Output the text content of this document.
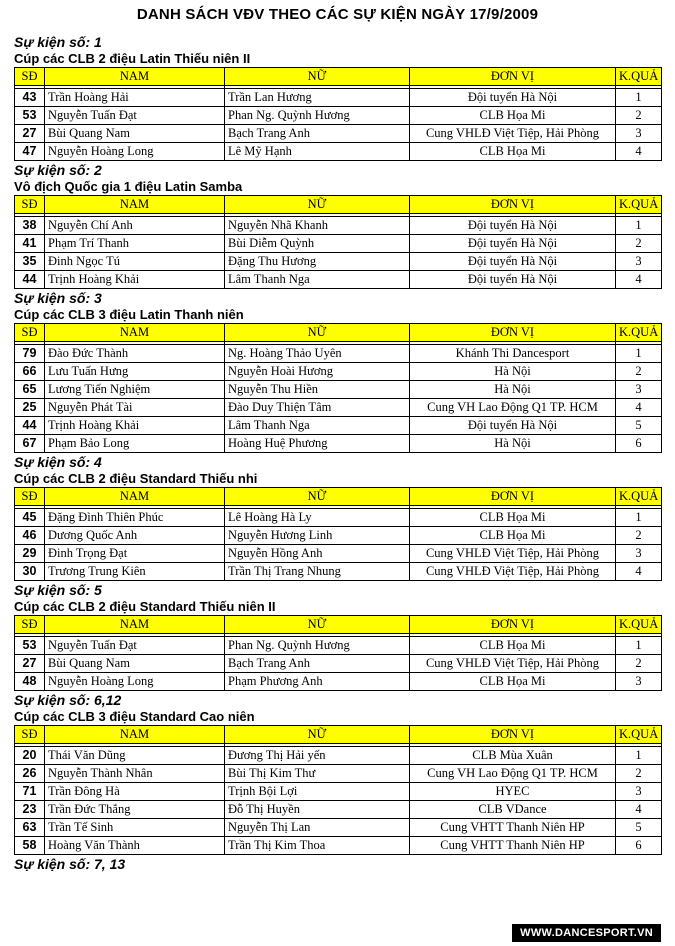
DANH SÁCH VĐV THEO CÁC SỰ KIỆN NGÀY 17/9/2009
Sự kiện số: 1
Cúp các CLB 2 điệu Latin Thiếu niên II
SĐ	NAM	NỮ	ĐƠN VỊ	K.QUẢ

43	Trần Hoàng Hải	Trần Lan Hương	Đội tuyển Hà Nội	1
53	Nguyễn Tuấn Đạt	Phan Ng. Quỳnh Hương	CLB Họa Mi	2
27	Bùi Quang Nam	Bạch Trang Anh	Cung VHLĐ Việt Tiệp, Hải Phòng	3
47	Nguyễn Hoàng Long	Lê Mỹ Hạnh	CLB Họa Mi	4
Sự kiện số: 2
Vô địch Quốc gia 1 điệu Latin Samba
SĐ	NAM	NỮ	ĐƠN VỊ	K.QUẢ

38	Nguyễn Chí Anh	Nguyễn Nhã Khanh	Đội tuyển Hà Nội	1
41	Phạm Trí Thanh	Bùi Diễm Quỳnh	Đội tuyển Hà Nội	2
35	Đinh Ngọc Tú	Đặng Thu Hương	Đội tuyển Hà Nội	3
44	Trịnh Hoàng Khải	Lâm Thanh Nga	Đội tuyển Hà Nội	4
Sự kiện số: 3
Cúp các CLB 3 điệu Latin Thanh niên
SĐ	NAM	NỮ	ĐƠN VỊ	K.QUẢ

79	Đào Đức Thành	Ng. Hoàng Thảo Uyên	Khánh Thi Dancesport	1
66	Lưu Tuấn Hưng	Nguyễn Hoài Hương	Hà Nội	2
65	Lương Tiến Nghiệm	Nguyễn Thu Hiền	Hà Nội	3
25	Nguyễn Phát Tài	Đào Duy Thiện Tâm	Cung VH Lao Động Q1 TP. HCM	4
44	Trịnh Hoàng Khải	Lâm Thanh Nga	Đội tuyển Hà Nội	5
67	Phạm Bảo Long	Hoàng Huệ Phương	Hà Nội	6
Sự kiện số: 4
Cúp các CLB 2 điệu Standard Thiếu nhi
SĐ	NAM	NỮ	ĐƠN VỊ	K.QUẢ

45	Đặng Đình Thiên Phúc	Lê Hoàng Hà Ly	CLB Họa Mi	1
46	Dương Quốc Anh	Nguyễn Hương Linh	CLB Họa Mi	2
29	Đinh Trọng Đạt	Nguyễn Hồng Anh	Cung VHLĐ Việt Tiệp, Hải Phòng	3
30	Trương Trung Kiên	Trần Thị Trang Nhung	Cung VHLĐ Việt Tiệp, Hải Phòng	4
Sự kiện số: 5
Cúp các CLB 2 điệu Standard Thiếu niên II
SĐ	NAM	NỮ	ĐƠN VỊ	K.QUẢ

53	Nguyễn Tuấn Đạt	Phan Ng. Quỳnh Hương	CLB Họa Mi	1
27	Bùi Quang Nam	Bạch Trang Anh	Cung VHLĐ Việt Tiệp, Hải Phòng	2
48	Nguyễn Hoàng Long	Phạm Phương Anh	CLB Họa Mi	3
Sự kiện số: 6,12
Cúp các CLB 3 điệu Standard Cao niên
SĐ	NAM	NỮ	ĐƠN VỊ	K.QUẢ

20	Thái Văn Dũng	Đương Thị Hải yến	CLB Mùa Xuân	1
26	Nguyễn Thành Nhân	Bùi Thị Kim Thư	Cung VH Lao Động Q1 TP. HCM	2
71	Trần Đông Hà	Trịnh Bội Lợi	HYEC	3
23	Trần Đức Thắng	Đỗ Thị Huyền	CLB VDance	4
63	Trần Tế Sinh	Nguyễn Thị Lan	Cung VHTT Thanh Niên HP	5
58	Hoàng Văn Thành	Trần Thị Kim Thoa	Cung VHTT Thanh Niên HP	6
Sự kiện số: 7, 13
WWW.DANCESPORT.VN
